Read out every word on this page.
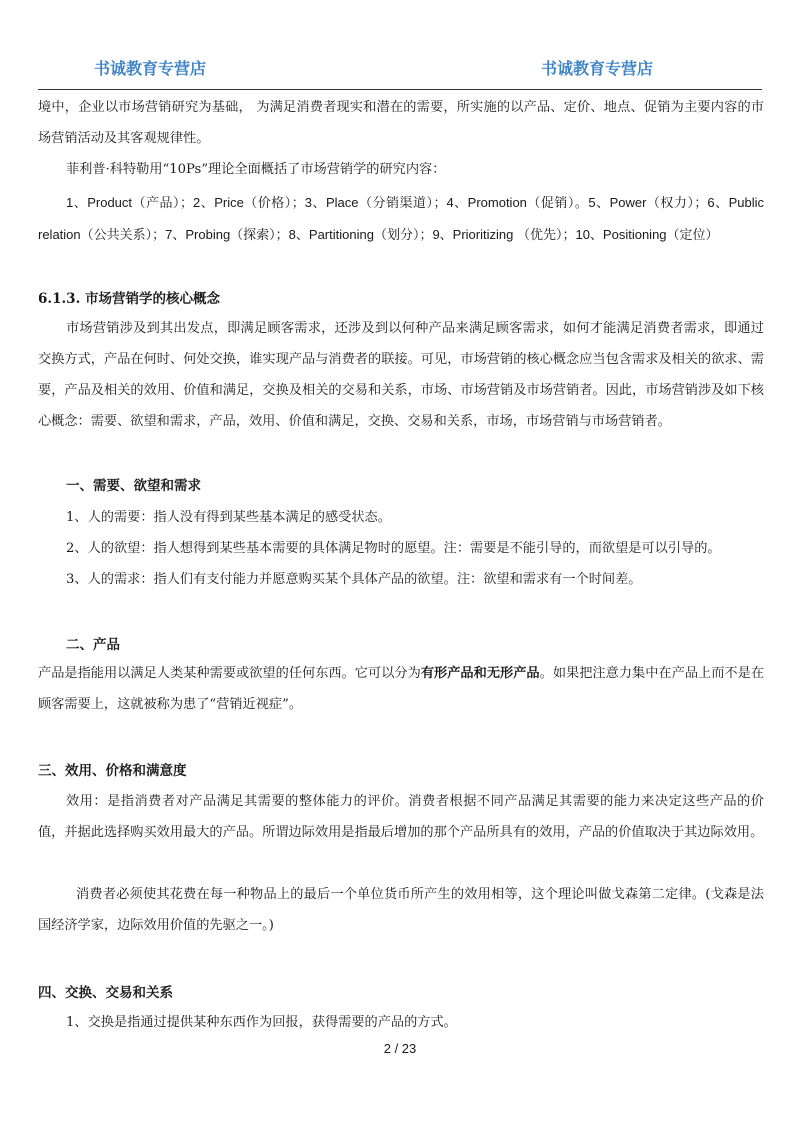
书诚教育专营店	书诚教育专营店

境中，企业以市场营销研究为基础， 为满足消费者现实和潜在的需要，所实施的以产品、定价、地点、促销为主要内容的市场营销活动及其客观规律性。

菲利普·科特勒用“10Ps”理论全面概括了市场营销学的研究内容：

1、Product（产品）；2、Price（价格）；3、Place（分销渠道）；4、Promotion（促销）。5、Power（权力）；6、Public relation（公共关系）；7、Probing（探索）；8、Partitioning（划分）；9、Prioritizing （优先）；10、Positioning（定位）

6.1.3. 市场营销学的核心概念

市场营销涉及到其出发点，即满足顾客需求，还涉及到以何种产品来满足顾客需求，如何才能满足消费者需求，即通过交换方式，产品在何时、何处交换，谁实现产品与消费者的联接。可见，市场营销的核心概念应当包含需求及相关的欲求、需要，产品及相关的效用、价值和满足，交换及相关的交易和关系，市场、市场营销及市场营销者。因此，市场营销涉及如下核心概念：需要、欲望和需求，产品，效用、价值和满足，交换、交易和关系，市场，市场营销与市场营销者。

一、需要、欲望和需求

1、人的需要：指人没有得到某些基本满足的感受状态。

2、人的欲望：指人想得到某些基本需要的具体满足物时的愿望。注：需要是不能引导的，而欲望是可以引导的。

3、人的需求：指人们有支付能力并愿意购买某个具体产品的欲望。注：欲望和需求有一个时间差。

二、产品

产品是指能用以满足人类某种需要或欲望的任何东西。它可以分为有形产品和无形产品。如果把注意力集中在产品上而不是在顾客需要上，这就被称为患了“营销近视症”。

三、效用、价格和满意度

效用：是指消费者对产品满足其需要的整体能力的评价。消费者根据不同产品满足其需要的能力来决定这些产品的价值，并据此选择购买效用最大的产品。所谓边际效用是指最后增加的那个产品所具有的效用，产品的价值取决于其边际效用。

消费者必须使其花费在每一种物品上的最后一个单位货币所产生的效用相等，这个理论叫做戈森第二定律。(戈森是法国经济学家，边际效用价值的先驱之一。)

四、交换、交易和关系

1、交换是指通过提供某种东西作为回报，获得需要的产品的方式。

2 / 23
